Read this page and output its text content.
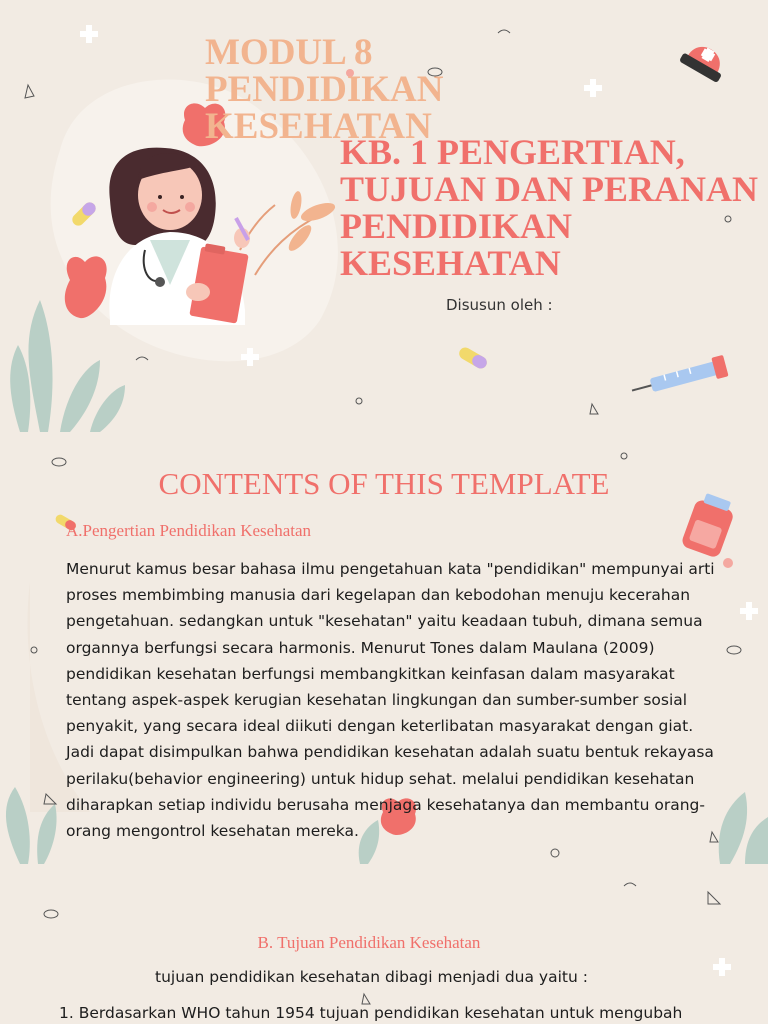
MODUL 8 PENDIDIKAN KESEHATAN
KB. 1 PENGERTIAN, TUJUAN DAN PERANAN PENDIDIKAN KESEHATAN
Disusun oleh :
CONTENTS OF THIS TEMPLATE
A.Pengertian Pendidikan Kesehatan
Menurut kamus besar bahasa ilmu pengetahuan kata "pendidikan" mempunyai arti proses membimbing manusia dari kegelapan dan kebodohan menuju kecerahan pengetahuan. sedangkan untuk "kesehatan" yaitu keadaan tubuh, dimana semua organnya berfungsi secara harmonis. Menurut Tones dalam Maulana (2009) pendidikan kesehatan berfungsi membangkitkan keinfasan dalam masyarakat tentang aspek-aspek kerugian kesehatan lingkungan dan sumber-sumber sosial penyakit, yang secara ideal diikuti dengan keterlibatan masyarakat dengan giat. Jadi dapat disimpulkan bahwa pendidikan kesehatan adalah suatu bentuk rekayasa perilaku(behavior engineering) untuk hidup sehat. melalui pendidikan kesehatan diharapkan setiap individu berusaha menjaga kesehatanya dan membantu orang-orang mengontrol kesehatan mereka.
B. Tujuan Pendidikan Kesehatan
tujuan pendidikan kesehatan dibagi menjadi dua yaitu :
1. Berdasarkan WHO tahun 1954 tujuan pendidikan kesehatan untuk mengubah
